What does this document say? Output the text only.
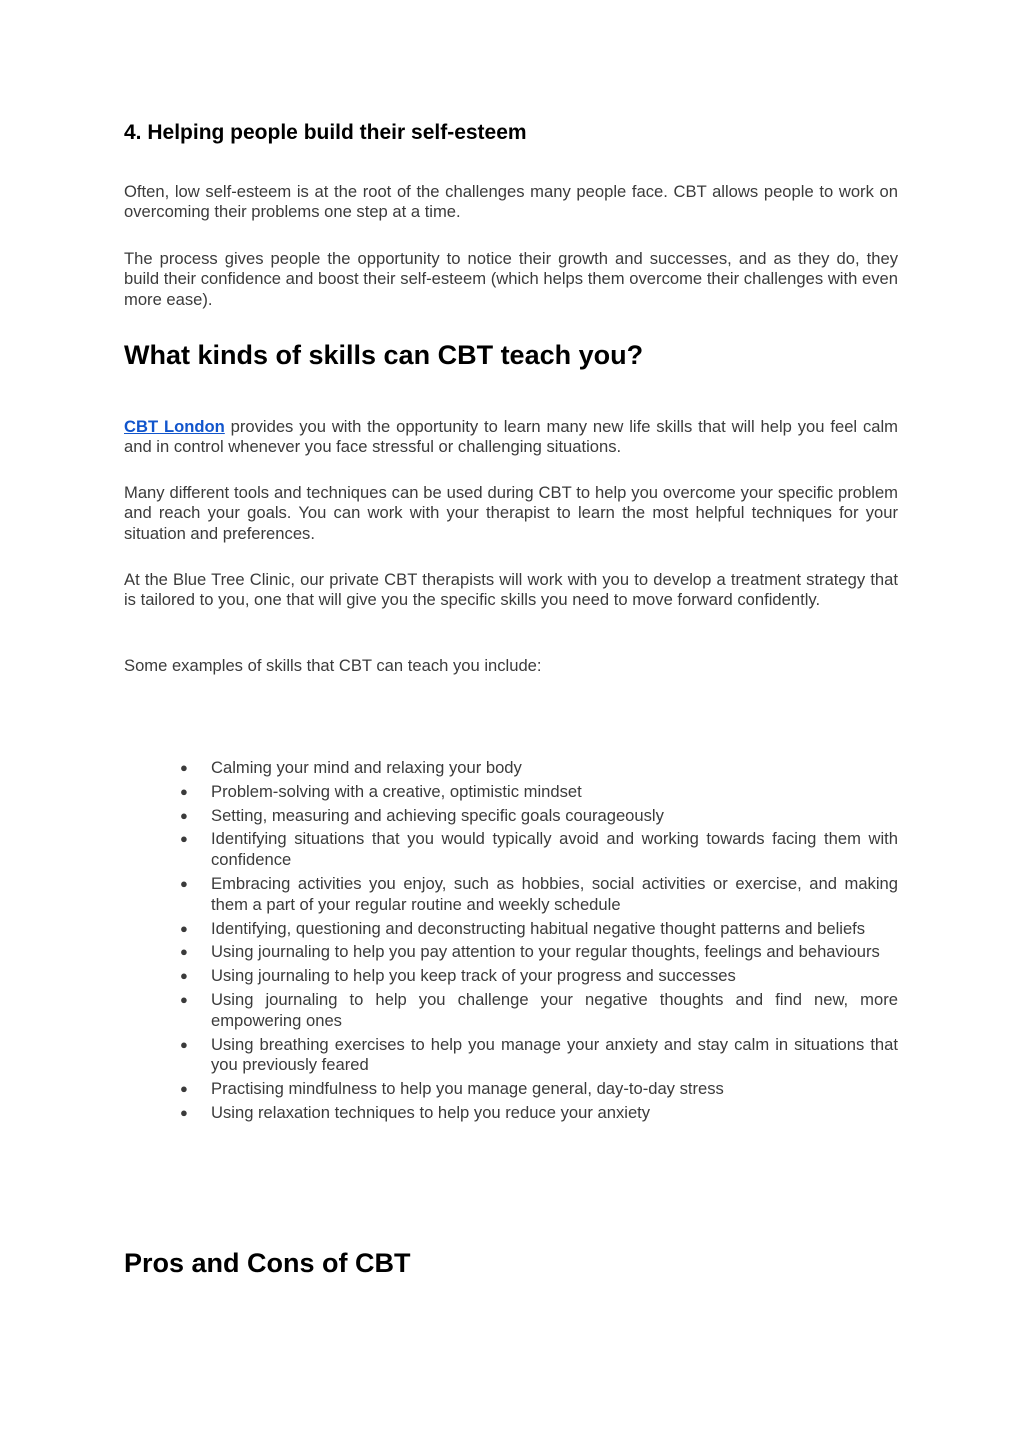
4. Helping people build their self-esteem

Often, low self-esteem is at the root of the challenges many people face. CBT allows people to work on overcoming their problems one step at a time.

The process gives people the opportunity to notice their growth and successes, and as they do, they build their confidence and boost their self-esteem (which helps them overcome their challenges with even more ease).

What kinds of skills can CBT teach you?

CBT London provides you with the opportunity to learn many new life skills that will help you feel calm and in control whenever you face stressful or challenging situations.

Many different tools and techniques can be used during CBT to help you overcome your specific problem and reach your goals. You can work with your therapist to learn the most helpful techniques for your situation and preferences.

At the Blue Tree Clinic, our private CBT therapists will work with you to develop a treatment strategy that is tailored to you, one that will give you the specific skills you need to move forward confidently.

Some examples of skills that CBT can teach you include:

● Calming your mind and relaxing your body
● Problem-solving with a creative, optimistic mindset
● Setting, measuring and achieving specific goals courageously
● Identifying situations that you would typically avoid and working towards facing them with confidence
● Embracing activities you enjoy, such as hobbies, social activities or exercise, and making them a part of your regular routine and weekly schedule
● Identifying, questioning and deconstructing habitual negative thought patterns and beliefs
● Using journaling to help you pay attention to your regular thoughts, feelings and behaviours
● Using journaling to help you keep track of your progress and successes
● Using journaling to help you challenge your negative thoughts and find new, more empowering ones
● Using breathing exercises to help you manage your anxiety and stay calm in situations that you previously feared
● Practising mindfulness to help you manage general, day-to-day stress
● Using relaxation techniques to help you reduce your anxiety
Pros and Cons of CBT
